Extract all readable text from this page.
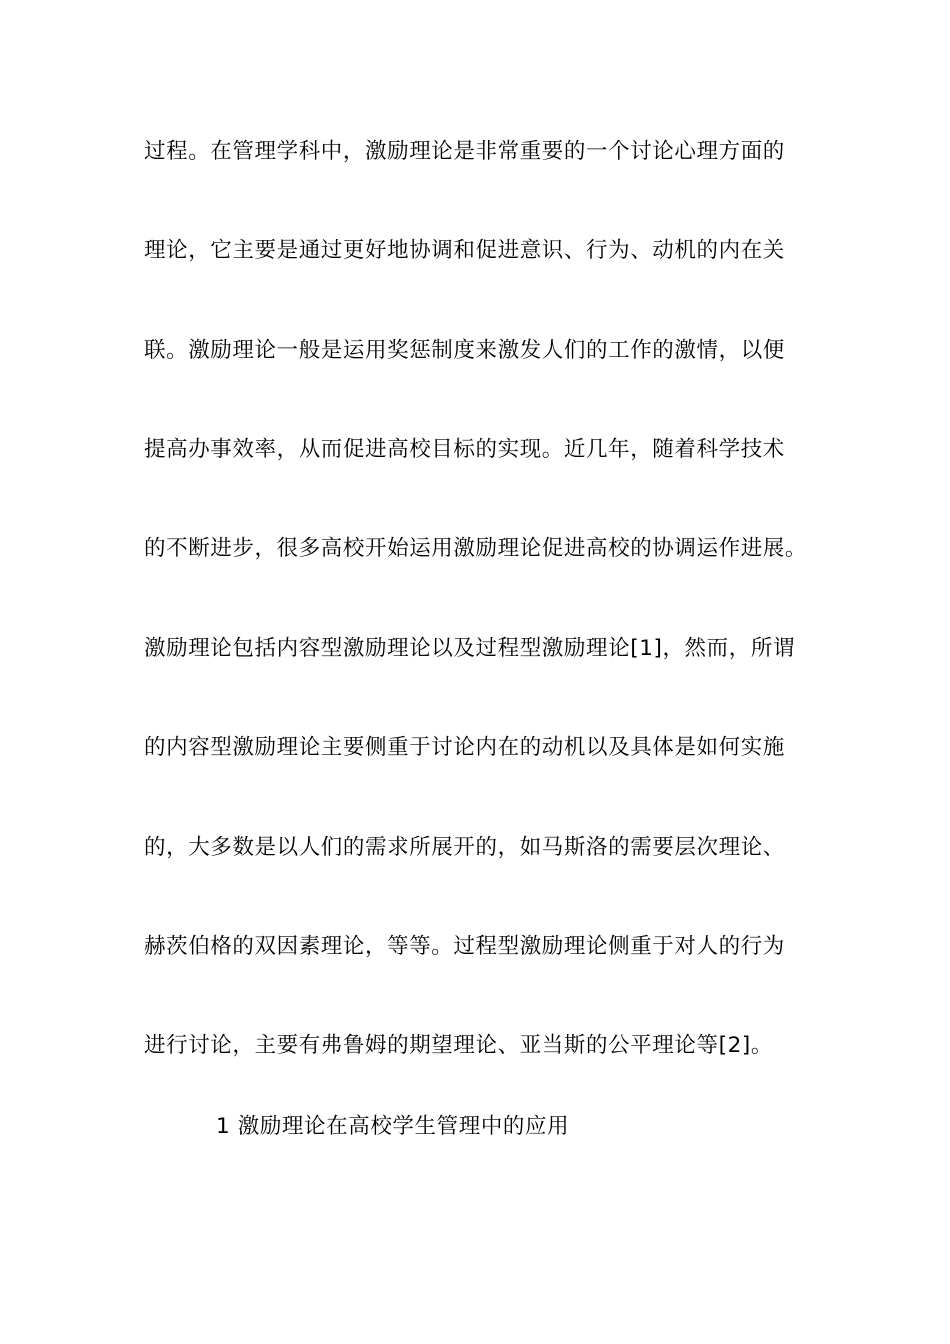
过程。在管理学科中，激励理论是非常重要的一个讨论心理方面的
理论，它主要是通过更好地协调和促进意识、行为、动机的内在关
联。激励理论一般是运用奖惩制度来激发人们的工作的激情，以便
提高办事效率，从而促进高校目标的实现。近几年，随着科学技术
的不断进步，很多高校开始运用激励理论促进高校的协调运作进展。
激励理论包括内容型激励理论以及过程型激励理论[1]，然而，所谓
的内容型激励理论主要侧重于讨论内在的动机以及具体是如何实施
的，大多数是以人们的需求所展开的，如马斯洛的需要层次理论、
赫茨伯格的双因素理论，等等。过程型激励理论侧重于对人的行为
进行讨论，主要有弗鲁姆的期望理论、亚当斯的公平理论等[2]。
1 激励理论在高校学生管理中的应用
